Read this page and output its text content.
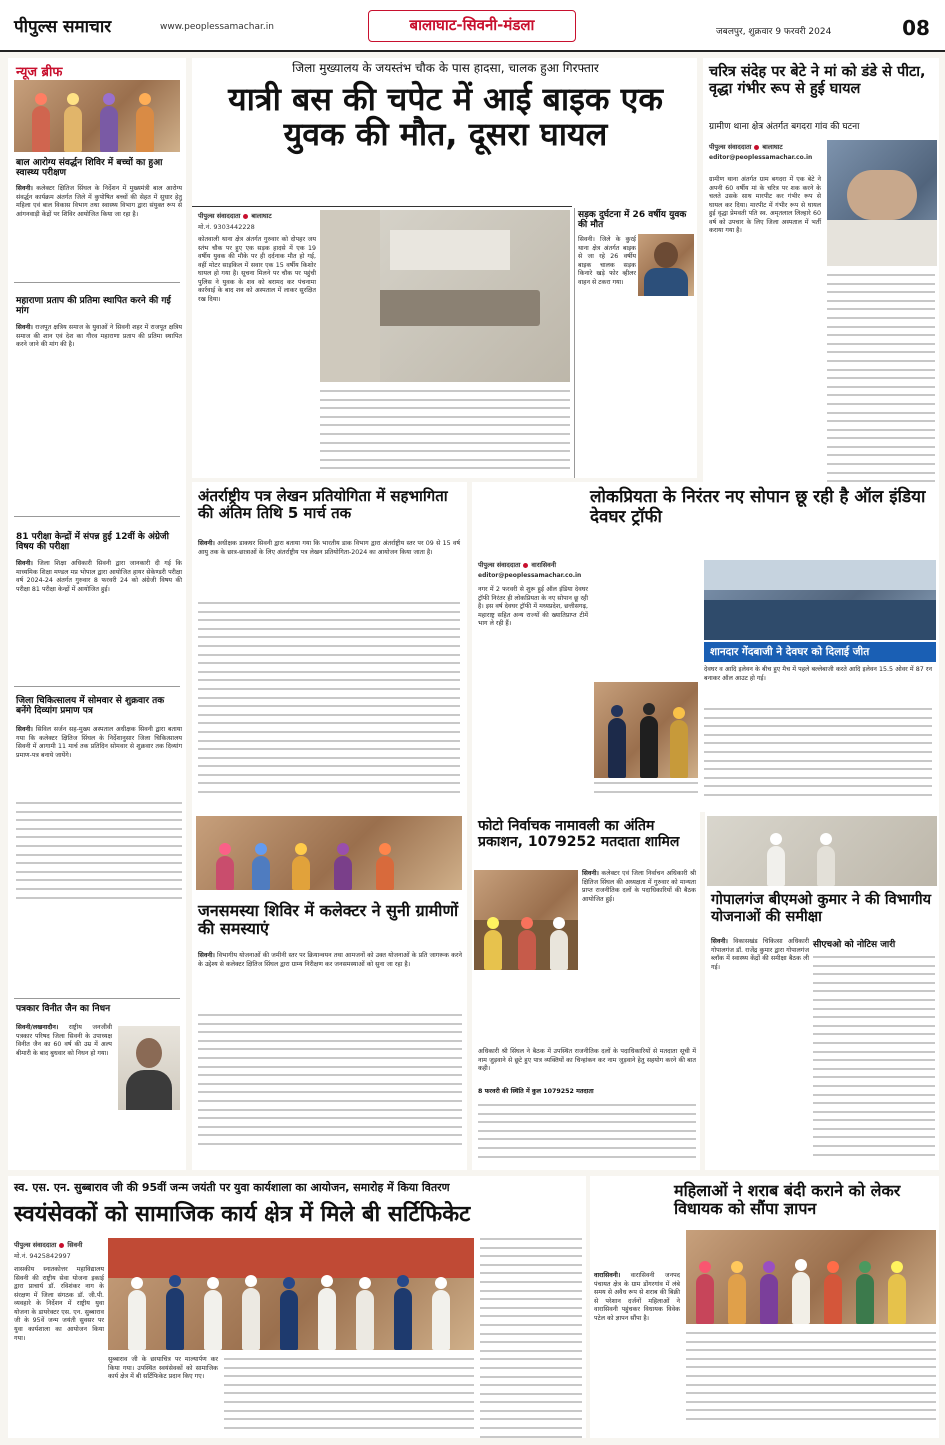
पीपुल्स समाचार	www.peoplessamachar.in	बालाघाट-सिवनी-मंडला	जबलपुर, शुक्रवार 9 फरवरी 2024	08
न्यूज ब्रीफ
बाल आरोग्य संवर्द्धन शिविर में बच्चों का हुआ स्वास्थ्य परीक्षण
सिवनी। कलेक्टर क्षितिज सिंघल के निर्देशन में मुख्यमंत्री बाल आरोग्य संवर्द्धन कार्यक्रम अंतर्गत जिले में कुपोषित बच्चों की सेहत में सुधार हेतु महिला एवं बाल विकास विभाग तथा स्वास्थ्य विभाग द्वारा संयुक्त रूप से आंगनवाड़ी केंद्रों पर शिविर आयोजित किया जा रहा है।
महाराणा प्रताप की प्रतिमा स्थापित करने की गई मांग
सिवनी। राजपूत क्षत्रिय समाज के युवाओं ने सिवनी शहर में राजपूत क्षत्रिय समाज की शान एवं देश का गौरव महाराणा प्रताप की प्रतिमा स्थापित करने जाने की मांग की है।
81 परीक्षा केन्द्रों में संपन्न हुई 12वीं के अंग्रेजी विषय की परीक्षा
सिवनी। जिला शिक्षा अधिकारी सिवनी द्वारा जानकारी दी गई कि माध्यमिक शिक्षा मण्डल मप्र भोपाल द्वारा आयोजित हायर सेकेण्डरी परीक्षा वर्ष 2024-24 अंतर्गत गुरुवार 8 फरवरी 24 को अंग्रेजी विषय की परीक्षा 81 परीक्षा केन्द्रों में आयोजित हुई।
जिला चिकित्सालय में सोमवार से शुक्रवार तक बनेंगे दिव्यांग प्रमाण पत्र
सिवनी। सिविल सर्जन सह-मुख्य अस्पताल अधीक्षक सिवनी द्वारा बताया गया कि कलेक्टर क्षितिज सिंघल के निर्देशानुसार जिला चिकित्सालय सिवनी में आगामी 11 मार्च तक प्रतिदिन सोमवार से शुक्रवार तक दिव्यांग प्रमाण-पत्र बनाये जायेंगे।
पत्रकार विनीत जैन का निधन
सिवनी/लखनादौन। राष्ट्रीय जनजीवी पत्रकार परिषद जिला सिवनी के उपाध्यक्ष विनीत जैन का 60 वर्ष की उम्र में अल्प बीमारी के बाद बुधवार को निधन हो गया।
जिला मुख्यालय के जयस्तंभ चौक के पास हादसा, चालक हुआ गिरफ्तार
यात्री बस की चपेट में आई बाइक एक युवक की मौत, दूसरा घायल
पीपुल्स संवाददाता बालाघाट
मो.नं. 9303442228
कोतवाली थाना क्षेत्र अंतर्गत गुरुवार को दोपहर जय स्तंभ चौक पर हुए एक सड़क हादसे में एक 19 वर्षीय युवक की मौके पर ही दर्दनाक मौत हो गई, वहीं मोटर साइकिल में सवार एक 15 वर्षीय किशोर घायल हो गया है। सूचना मिलने पर चौक पर पहुंची पुलिस ने युवक के शव को बरामद कर पंचनामा कार्रवाई के बाद शव को अस्पताल में लाकर सुरक्षित रख दिया।
सड़क दुर्घटना में 26 वर्षीय युवक की मौत
सिवनी। जिले के कुरई थाना क्षेत्र अंतर्गत बाइक से जा रहे 26 वर्षीय बाइक चालक सड़क किनारे खड़े फोर व्हीलर वाहन से टकरा गया।
चरित्र संदेह पर बेटे ने मां को डंडे से पीटा, वृद्धा गंभीर रूप से हुई घायल
ग्रामीण थाना क्षेत्र अंतर्गत बगदरा गांव की घटना
पीपुल्स संवाददाता बालाघाट
editor@peoplessamachar.co.in
ग्रामीण थाना अंतर्गत ग्राम बगदरा में एक बेटे ने अपनी 60 वर्षीय मां के चरित्र पर शक करने के चलते उसके साथ मारपीट कर गंभीर रूप से घायल कर दिया। मारपीट में गंभीर रूप से घायल हुई वृद्धा प्रेमवती पति स्व. अमृतलाल लिल्हारे 60 वर्ष को उपचार के लिए जिला अस्पताल में भर्ती कराया गया है।
अंतर्राष्ट्रीय पत्र लेखन प्रतियोगिता में सहभागिता की अंतिम तिथि 5 मार्च तक
सिवनी। अधीक्षक डाकघर सिवनी द्वारा बताया गया कि भारतीय डाक विभाग द्वारा अंतर्राष्ट्रीय स्तर पर 09 से 15 वर्ष आयु तक के छात्र-छात्राओं के लिए अंतर्राष्ट्रीय पत्र लेखन प्रतियोगिता-2024 का आयोजन किया जाता है।
लोकप्रियता के निरंतर नए सोपान छू रही है ऑल इंडिया देवघर ट्रॉफी
पीपुल्स संवाददाता वारासिवनी
editor@peoplessamachar.co.in
नगर में 2 फरवरी से शुरू हुई ऑल इंडिया देवघर ट्रॉफी निरंतर ही लोकप्रियता के नए सोपान छू रही है। इस वर्ष देवघर ट्रॉफी में मध्यप्रदेश, छत्तीसगढ़, महाराष्ट्र सहित अन्य राज्यों की ख्यातिप्राप्त टीमें भाग ले रही हैं।
शानदार गेंदबाजी ने देवघर को दिलाई जीत
देवघर व आदि इलेवन के बीच हुए मैच में पहले बल्लेबाजी करते आदि इलेवन 15.5 ओवर में 87 रन बनाकर ऑल आउट हो गई।
फोटो निर्वाचक नामावली का अंतिम प्रकाशन, 1079252 मतदाता शामिल
सिवनी। कलेक्टर एवं जिला निर्वाचन अधिकारी श्री क्षितिज सिंघल की अध्यक्षता में गुरुवार को मान्यता प्राप्त राजनीतिक दलों के पदाधिकारियों की बैठक आयोजित हुई।
अधिकारी श्री सिंघल ने बैठक में उपस्थित राजनीतिक दलों के पदाधिकारियों से मतदाता सूची में नाम जुड़वाने से छूटे हुए पात्र व्यक्तियों का चिन्हांकन कर नाम जुड़वाने हेतु सहयोग करने की बात कही।
8 फरवरी की स्थिति में कुल 1079252 मतदाता
जनसमस्या शिविर में कलेक्टर ने सुनी ग्रामीणों की समस्याएं
सिवनी। विभागीय योजनाओं की जमीनी स्तर पर क्रियान्वयन तथा आमजनों को उक्त योजनाओं के प्रति जागरूक करने के उद्देश्य से कलेक्टर क्षितिज सिंघल द्वारा ग्राम्य निरीक्षण कर जनसमस्याओं को सुना जा रहा है।
गोपालगंज बीएमओ कुमार ने की विभागीय योजनाओं की समीक्षा
सिवनी। विकासखंड चिकित्सा अधिकारी गोपालगंज डॉ. राजेंद्र कुमार द्वारा गोपालगंज ब्लॉक में स्वास्थ्य केंद्रों की समीक्षा बैठक ली गई।
सीएचओ को नोटिस जारी
स्व. एस. एन. सुब्बाराव जी की 95वीं जन्म जयंती पर युवा कार्यशाला का आयोजन, समारोह में किया वितरण
स्वयंसेवकों को सामाजिक कार्य क्षेत्र में मिले बी सर्टिफिकेट
पीपुल्स संवाददाता सिवनी
मो.नं. 9425842997
शासकीय स्नातकोत्तर महाविद्यालय सिवनी की राष्ट्रीय सेवा योजना इकाई द्वारा प्राचार्य डॉ. रविशंकर नाग के संरक्षण में जिला संगठक डॉ. जी.पी. व्यवहारे के निर्देशन में राष्ट्रीय युवा योजना के डायरेक्टर एस. एन. सुब्बाराव जी के 95वें जन्म जयंती सुवसर पर युवा कार्यशाला का आयोजन किया गया।
सुब्बाराव जी के छायाचित्र पर माल्यार्पण कर किया गया। उपस्थित स्वयंसेवकों को सामाजिक कार्य क्षेत्र में बी सर्टिफिकेट प्रदान किए गए।
महिलाओं ने शराब बंदी कराने को लेकर विधायक को सौंपा ज्ञापन
वारासिवनी। वारासिवनी जनपद पंचायत क्षेत्र के ग्राम डोंगरगांव में लंबे समय से अवैध रूप से शराब की बिक्री से परेशान दर्जनों महिलाओं ने वारासिवनी पहुंचकर विधायक विवेक पटेल को ज्ञापन सौंपा है।
